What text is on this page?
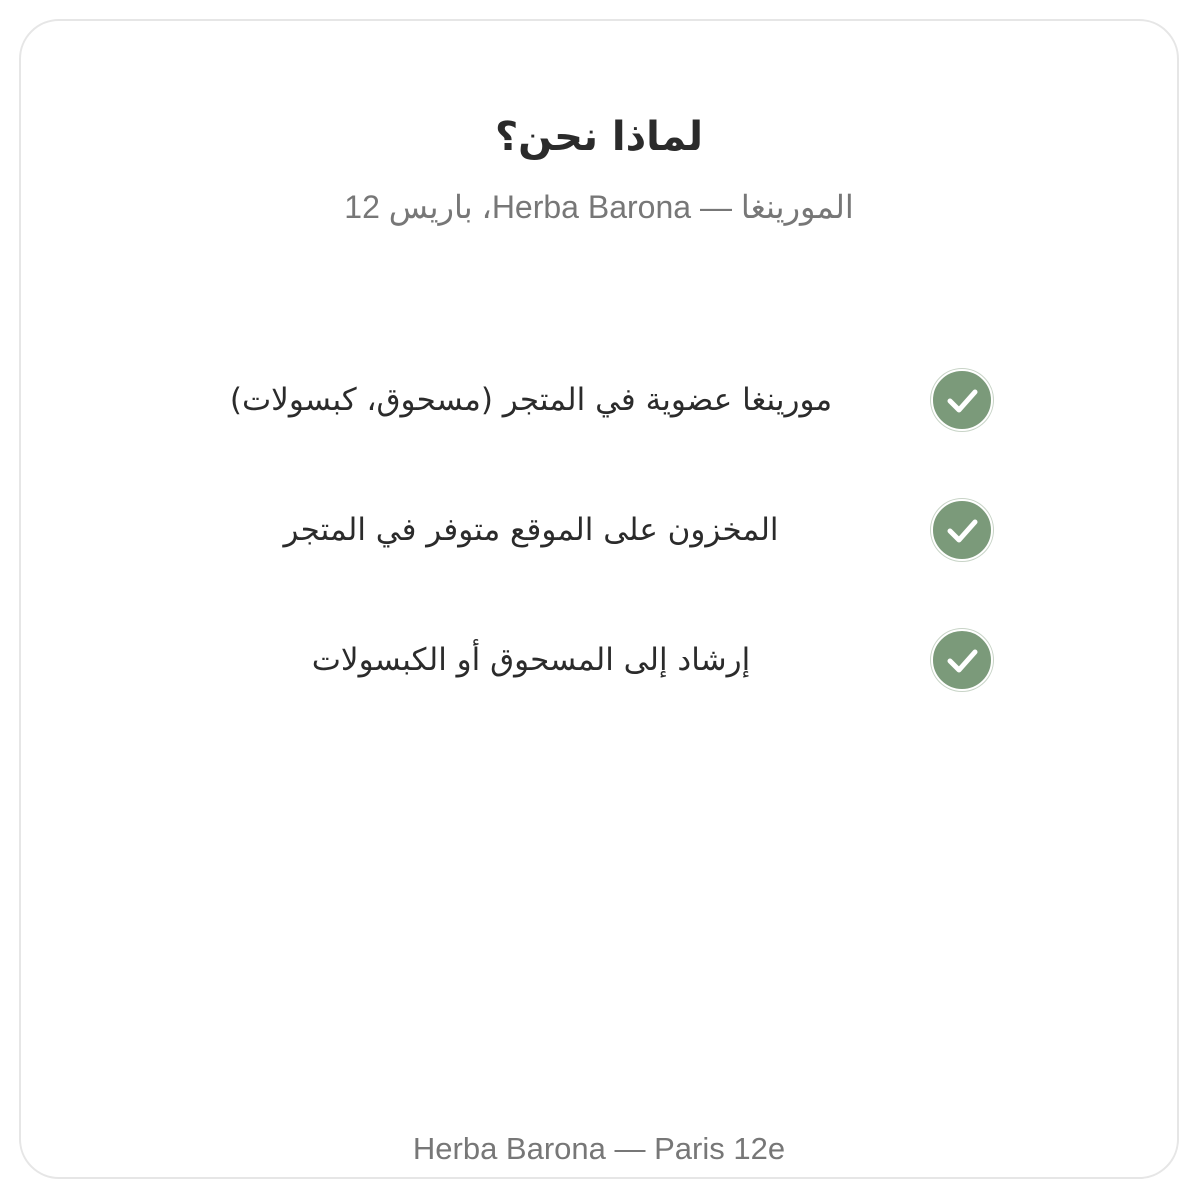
لماذا نحن؟
المورينغا — Herba Barona، باريس 12
مورينغا عضوية في المتجر (مسحوق، كبسولات)
المخزون على الموقع متوفر في المتجر
إرشاد إلى المسحوق أو الكبسولات
Herba Barona — Paris 12e
